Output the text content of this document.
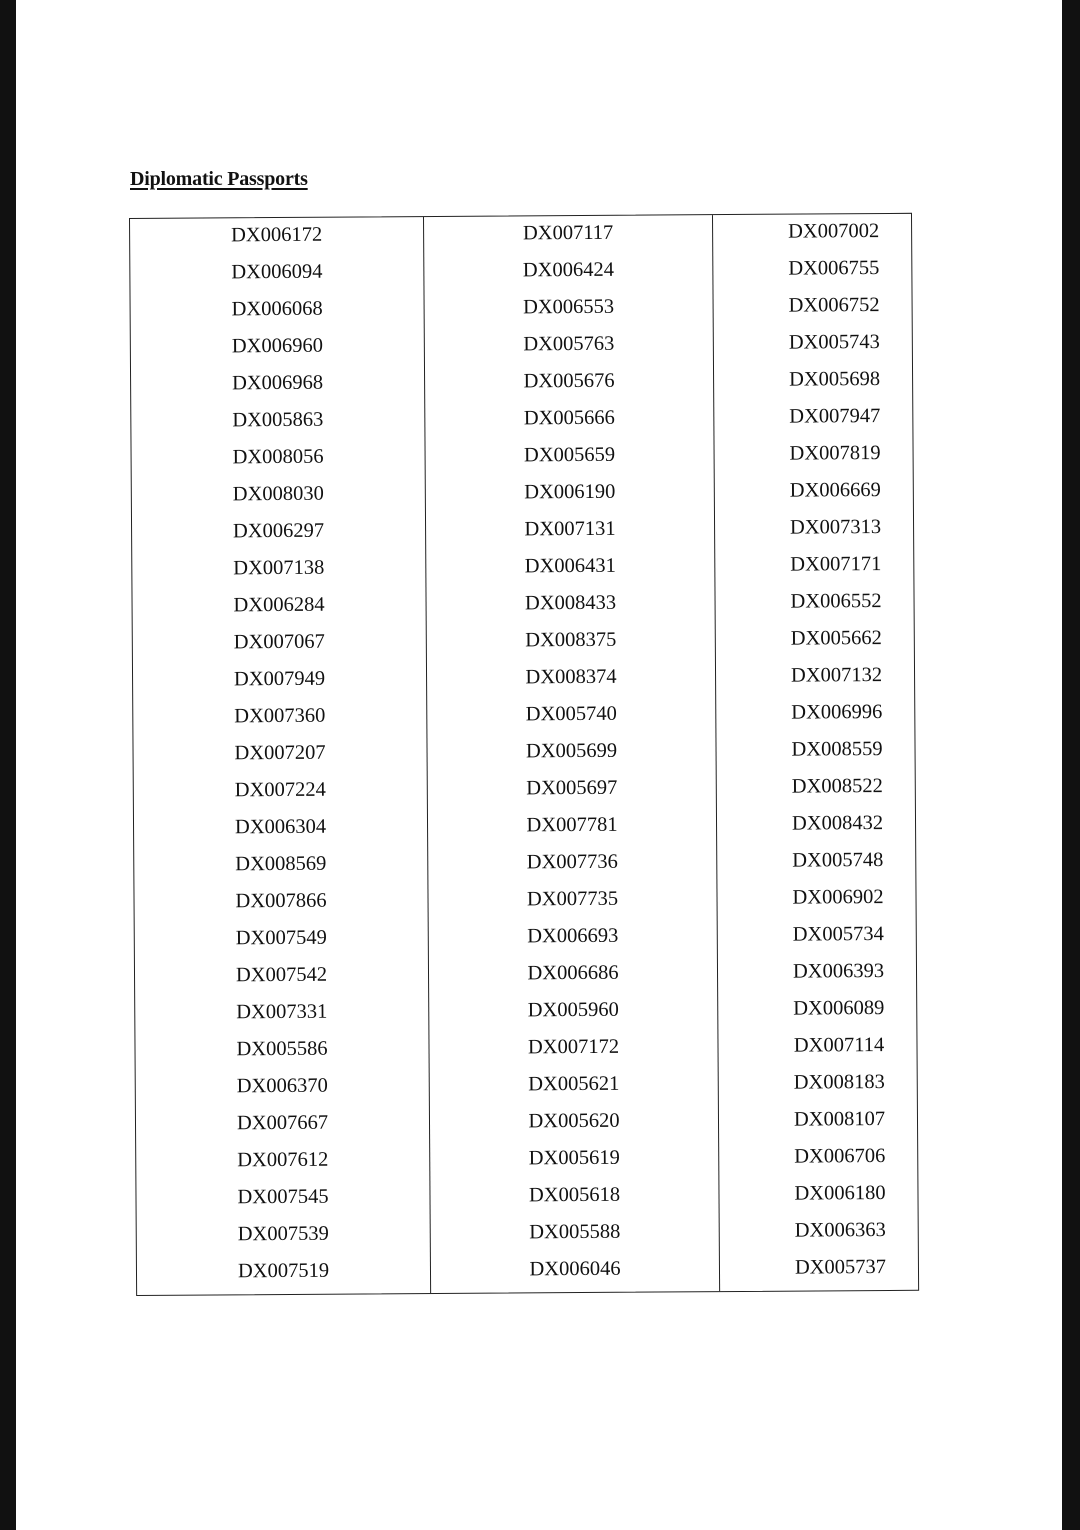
Diplomatic Passports
DX006172
DX006094
DX006068
DX006960
DX006968
DX005863
DX008056
DX008030
DX006297
DX007138
DX006284
DX007067
DX007949
DX007360
DX007207
DX007224
DX006304
DX008569
DX007866
DX007549
DX007542
DX007331
DX005586
DX006370
DX007667
DX007612
DX007545
DX007539
DX007519
DX007117
DX006424
DX006553
DX005763
DX005676
DX005666
DX005659
DX006190
DX007131
DX006431
DX008433
DX008375
DX008374
DX005740
DX005699
DX005697
DX007781
DX007736
DX007735
DX006693
DX006686
DX005960
DX007172
DX005621
DX005620
DX005619
DX005618
DX005588
DX006046
DX007002
DX006755
DX006752
DX005743
DX005698
DX007947
DX007819
DX006669
DX007313
DX007171
DX006552
DX005662
DX007132
DX006996
DX008559
DX008522
DX008432
DX005748
DX006902
DX005734
DX006393
DX006089
DX007114
DX008183
DX008107
DX006706
DX006180
DX006363
DX005737
